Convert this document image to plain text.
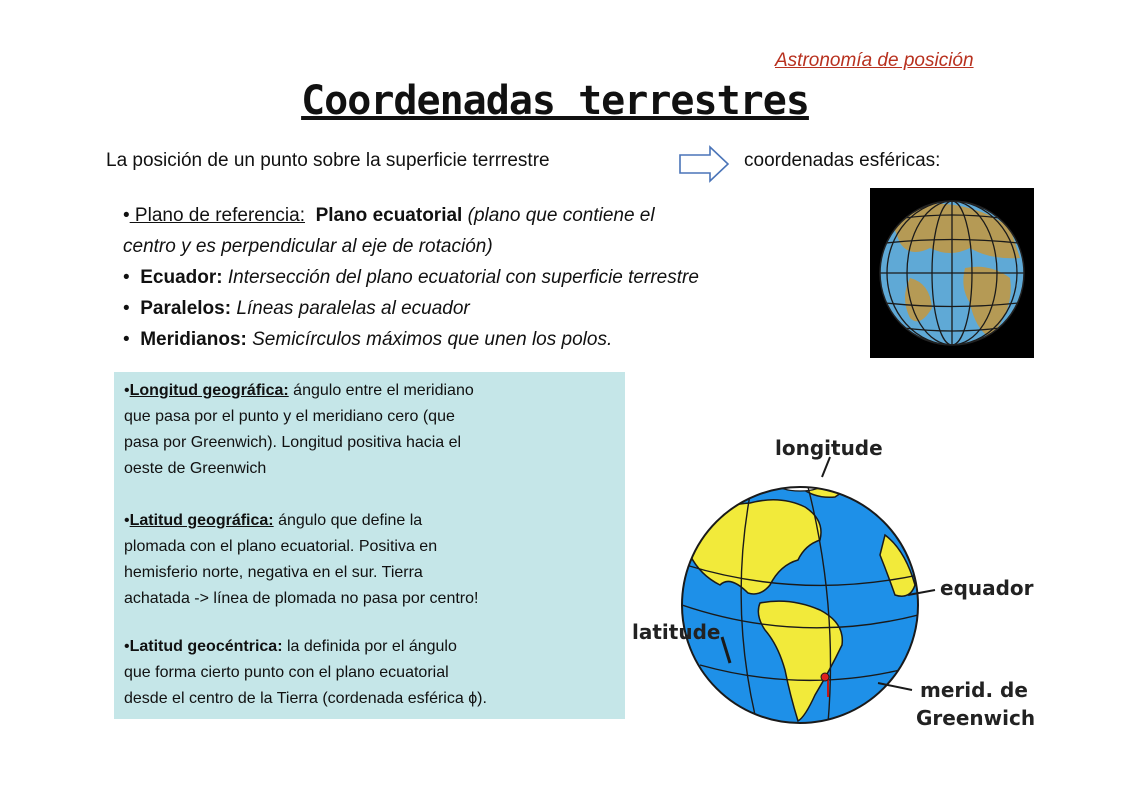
Astronomía de posición
Coordenadas terrestres
La posición de un punto sobre la superficie terrrestre	coordenadas esféricas:
• Plano de referencia: Plano ecuatorial (plano que contiene el
centro y es perpendicular al eje de rotación)
•  Ecuador: Intersección del plano ecuatorial con superficie terrestre
•  Paralelos: Líneas paralelas al ecuador
•  Meridianos: Semicírculos máximos que unen los polos.
•Longitud geográfica: ángulo entre el meridiano
que pasa por el punto y el meridiano cero (que
pasa por Greenwich). Longitud positiva hacia el
oeste de Greenwich
•Latitud geográfica: ángulo que define la
plomada con el plano ecuatorial. Positiva en
hemisferio norte, negativa en el sur. Tierra
achatada -> línea de plomada no pasa por centro!
•Latitud geocéntrica: la definida por el ángulo
que forma cierto punto con el plano ecuatorial
desde el centro de la Tierra (cordenada esférica ϕ).
longitude
equador
latitude
merid. de
Greenwich
